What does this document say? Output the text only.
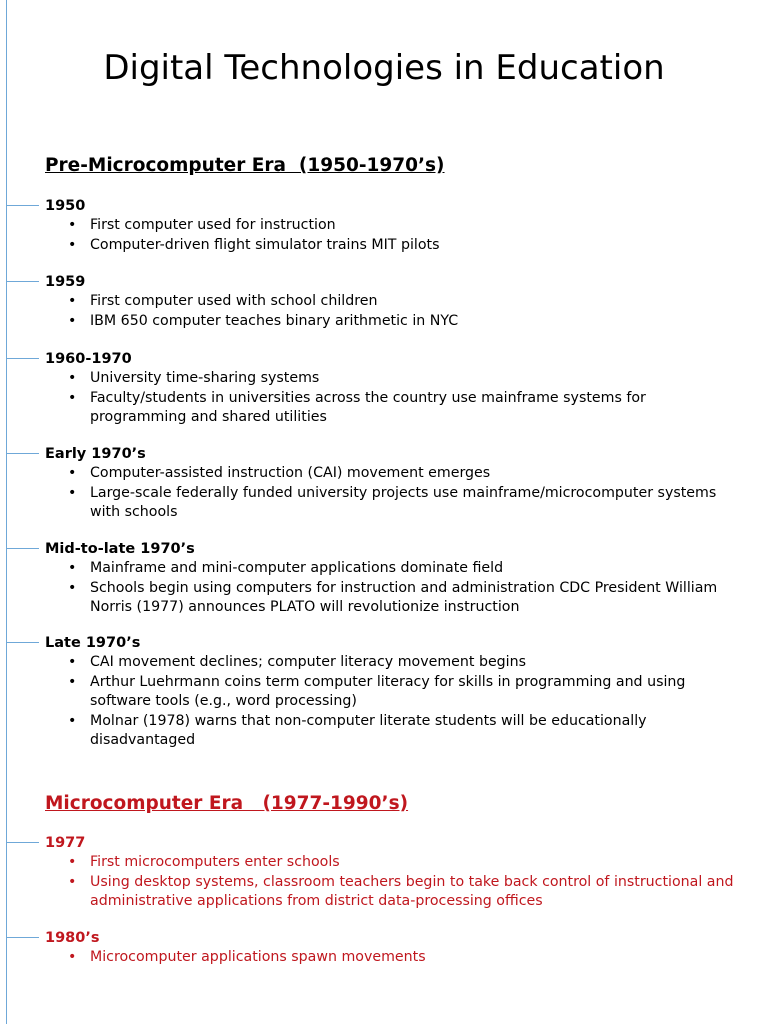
Digital Technologies in Education
Pre-Microcomputer Era  (1950-1970’s)
1950
• First computer used for instruction
• Computer-driven flight simulator trains MIT pilots
1959
• First computer used with school children
• IBM 650 computer teaches binary arithmetic in NYC
1960-1970
• University time-sharing systems
• Faculty/students in universities across the country use mainframe systems for programming and shared utilities
Early 1970’s
• Computer-assisted instruction (CAI) movement emerges
• Large-scale federally funded university projects use mainframe/microcomputer systems with schools
Mid-to-late 1970’s
• Mainframe and mini-computer applications dominate field
• Schools begin using computers for instruction and administration CDC President William Norris (1977) announces PLATO will revolutionize instruction
Late 1970’s
• CAI movement declines; computer literacy movement begins
• Arthur Luehrmann coins term computer literacy for skills in programming and using software tools (e.g., word processing)
• Molnar (1978) warns that non-computer literate students will be educationally disadvantaged
Microcomputer Era   (1977-1990’s)
1977
• First microcomputers enter schools
• Using desktop systems, classroom teachers begin to take back control of instructional and administrative applications from district data-processing offices
1980’s
• Microcomputer applications spawn movements
